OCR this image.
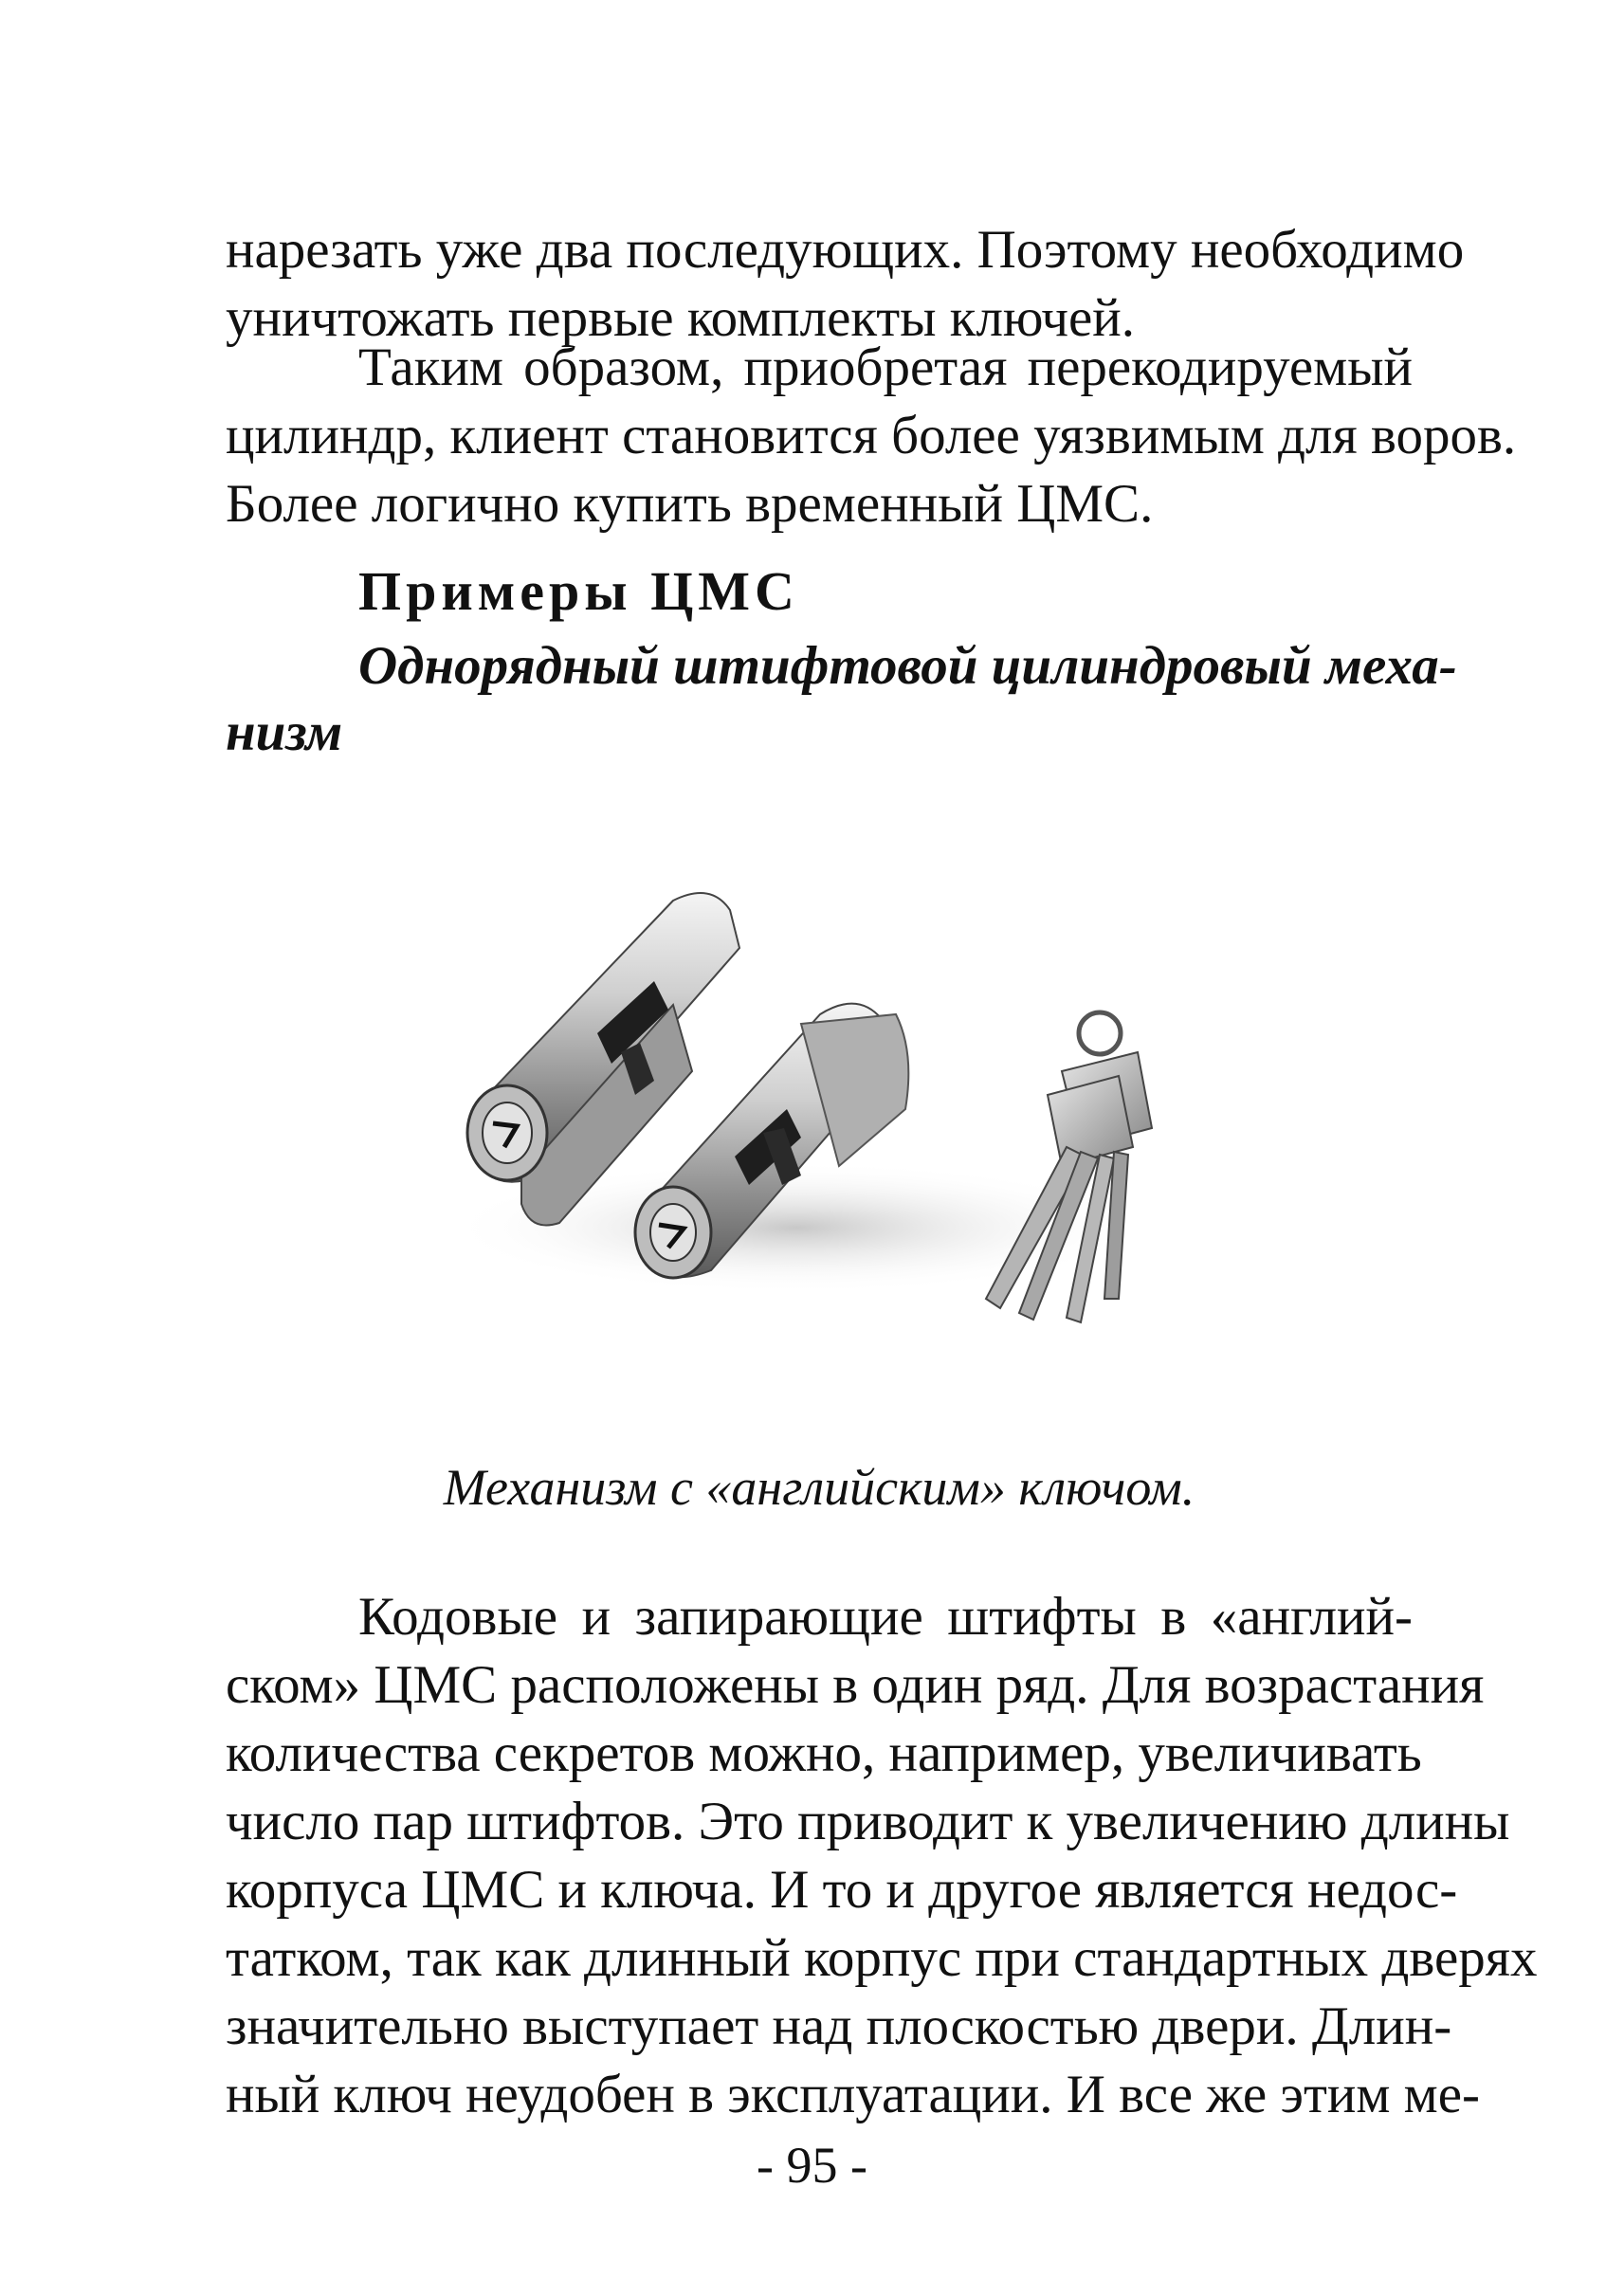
нарезать уже два последующих. Поэтому необходимо
уничтожать первые комплекты ключей.
Таким образом, приобретая перекодируемый
цилиндр, клиент становится более уязвимым для воров.
Более логично купить временный ЦМС.
Примеры ЦМС
Однорядный штифтовой цилиндровый меха-
низм
Механизм с «английским» ключом.
Кодовые и запирающие штифты в «англий-
ском» ЦМС расположены в один ряд. Для возрастания
количества секретов можно, например, увеличивать
число пар штифтов. Это приводит к увеличению длины
корпуса ЦМС и ключа. И то и другое является недос-
татком, так как длинный корпус при стандартных дверях
значительно выступает над плоскостью двери. Длин-
ный ключ неудобен в эксплуатации. И все же этим ме-
- 95 -
